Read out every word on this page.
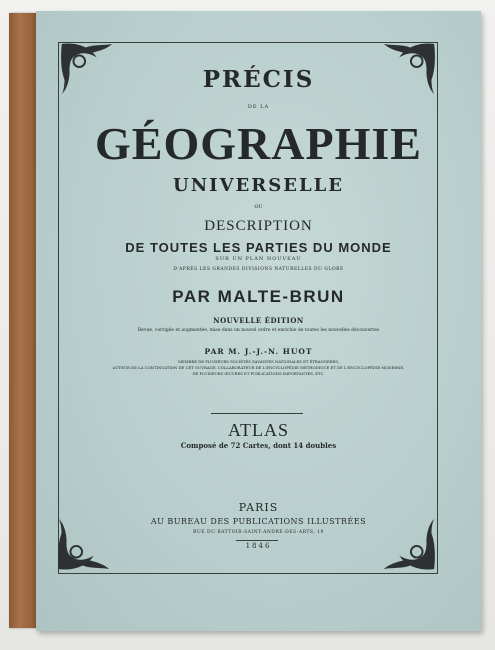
PRÉCIS
DE LA
GÉOGRAPHIE
UNIVERSELLE
OU
DESCRIPTION
DE TOUTES LES PARTIES DU MONDE
SUR UN PLAN NOUVEAU
D'APRÈS LES GRANDES DIVISIONS NATURELLES DU GLOBE
PAR MALTE-BRUN
NOUVELLE ÉDITION
Revue, corrigée et augmentée, mise dans un nouvel ordre et enrichie de toutes les nouvelles découvertes
PAR M. J.-J.-N. HUOT
MEMBRE DE PLUSIEURS SOCIÉTÉS SAVANTES NATIONALES ET ÉTRANGÈRES,
AUTEUR DE LA CONTINUATION DE CET OUVRAGE, COLLABORATEUR DE L'ENCYCLOPÉDIE MÉTHODIQUE ET DE L'ENCYCLOPÉDIE MODERNE,
DE PLUSIEURS ŒUVRES ET PUBLICATIONS IMPORTANTES, ETC.
ATLAS
Composé de 72 Cartes, dont 14 doubles
PARIS
AU BUREAU DES PUBLICATIONS ILLUSTRÉES
RUE DU BATTOIR-SAINT-ANDRÉ-DES-ARTS, 19
1846
